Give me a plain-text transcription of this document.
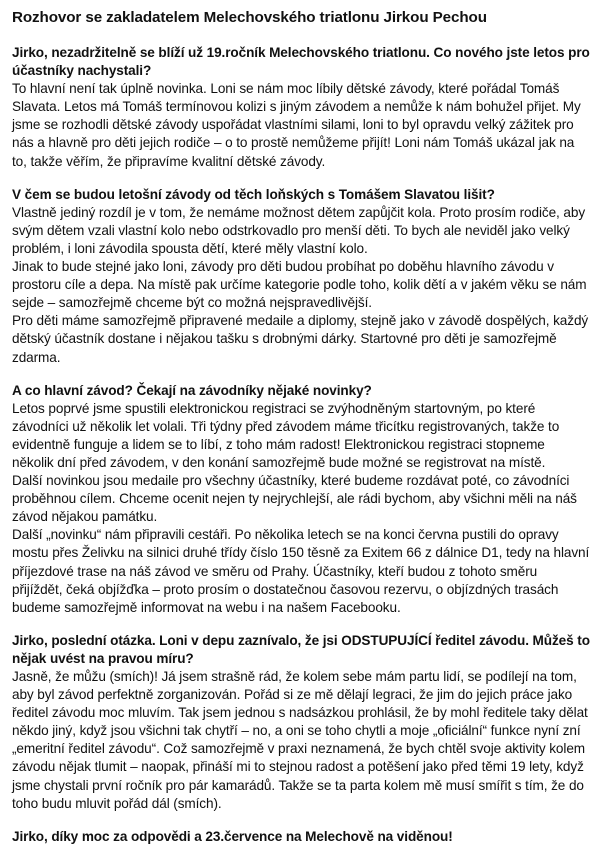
Rozhovor se zakladatelem Melechovského triatlonu Jirkou Pechou

Jirko, nezadržitelně se blíží už 19.ročník Melechovského triatlonu. Co nového jste letos pro účastníky nachystali?

To hlavní není tak úplně novinka. Loni se nám moc líbily dětské závody, které pořádal Tomáš Slavata. Letos má Tomáš termínovou kolizi s jiným závodem a nemůže k nám bohužel přijet. My jsme se rozhodli dětské závody uspořádat vlastními silami, loni to byl opravdu velký zážitek pro nás a hlavně pro děti jejich rodiče – o to prostě nemůžeme přijít! Loni nám Tomáš ukázal jak na to, takže věřím, že připravíme kvalitní dětské závody.

V čem se budou letošní závody od těch loňských s Tomášem Slavatou lišit?

Vlastně jediný rozdíl je v tom, že nemáme možnost dětem zapůjčit kola. Proto prosím rodiče, aby svým dětem vzali vlastní kolo nebo odstrkovadlo pro menší děti. To bych ale neviděl jako velký problém, i loni závodila spousta dětí, které měly vlastní kolo.

Jinak to bude stejné jako loni, závody pro děti budou probíhat po doběhu hlavního závodu v prostoru cíle a depa. Na místě pak určíme kategorie podle toho, kolik dětí a v jakém věku se nám sejde – samozřejmě chceme být co možná nejspravedlivější.

Pro děti máme samozřejmě připravené medaile a diplomy, stejně jako v závodě dospělých, každý dětský účastník dostane i nějakou tašku s drobnými dárky. Startovné pro děti je samozřejmě zdarma.

A co hlavní závod? Čekají na závodníky nějaké novinky?

Letos poprvé jsme spustili elektronickou registraci se zvýhodněným startovným, po které závodníci už několik let volali. Tři týdny před závodem máme třicítku registrovaných, takže to evidentně funguje a lidem se to líbí, z toho mám radost! Elektronickou registraci stopneme několik dní před závodem, v den konání samozřejmě bude možné se registrovat na místě.

Další novinkou jsou medaile pro všechny účastníky, které budeme rozdávat poté, co závodníci proběhnou cílem. Chceme ocenit nejen ty nejrychlejší, ale rádi bychom, aby všichni měli na náš závod nějakou památku.

Další „novinku“ nám připravili cestáři. Po několika letech se na konci června pustili do opravy mostu přes Želivku na silnici druhé třídy číslo 150 těsně za Exitem 66 z dálnice D1, tedy na hlavní příjezdové trase na náš závod ve směru od Prahy. Účastníky, kteří budou z tohoto směru přijíždět, čeká objížďka – proto prosím o dostatečnou časovou rezervu, o objízdných trasách budeme samozřejmě informovat na webu i na našem Facebooku.

Jirko, poslední otázka. Loni v depu zaznívalo, že jsi ODSTUPUJÍCÍ ředitel závodu. Můžeš to nějak uvést na pravou míru?

Jasně, že můžu (smích)! Já jsem strašně rád, že kolem sebe mám partu lidí, se podílejí na tom, aby byl závod perfektně zorganizován. Pořád si ze mě dělají legraci, že jim do jejich práce jako ředitel závodu moc mluvím. Tak jsem jednou s nadsázkou prohlásil, že by mohl ředitele taky dělat někdo jiný, když jsou všichni tak chytří – no, a oni se toho chytli a moje „oficiální“ funkce nyní zní „emeritní ředitel závodu“. Což samozřejmě v praxi neznamená, že bych chtěl svoje aktivity kolem závodu nějak tlumit – naopak, přináší mi to stejnou radost a potěšení jako před těmi 19 lety, když jsme chystali první ročník pro pár kamarádů. Takže se ta parta kolem mě musí smířit s tím, že do toho budu mluvit pořád dál (smích).

Jirko, díky moc za odpovědi a 23.července na Melechově na viděnou!
